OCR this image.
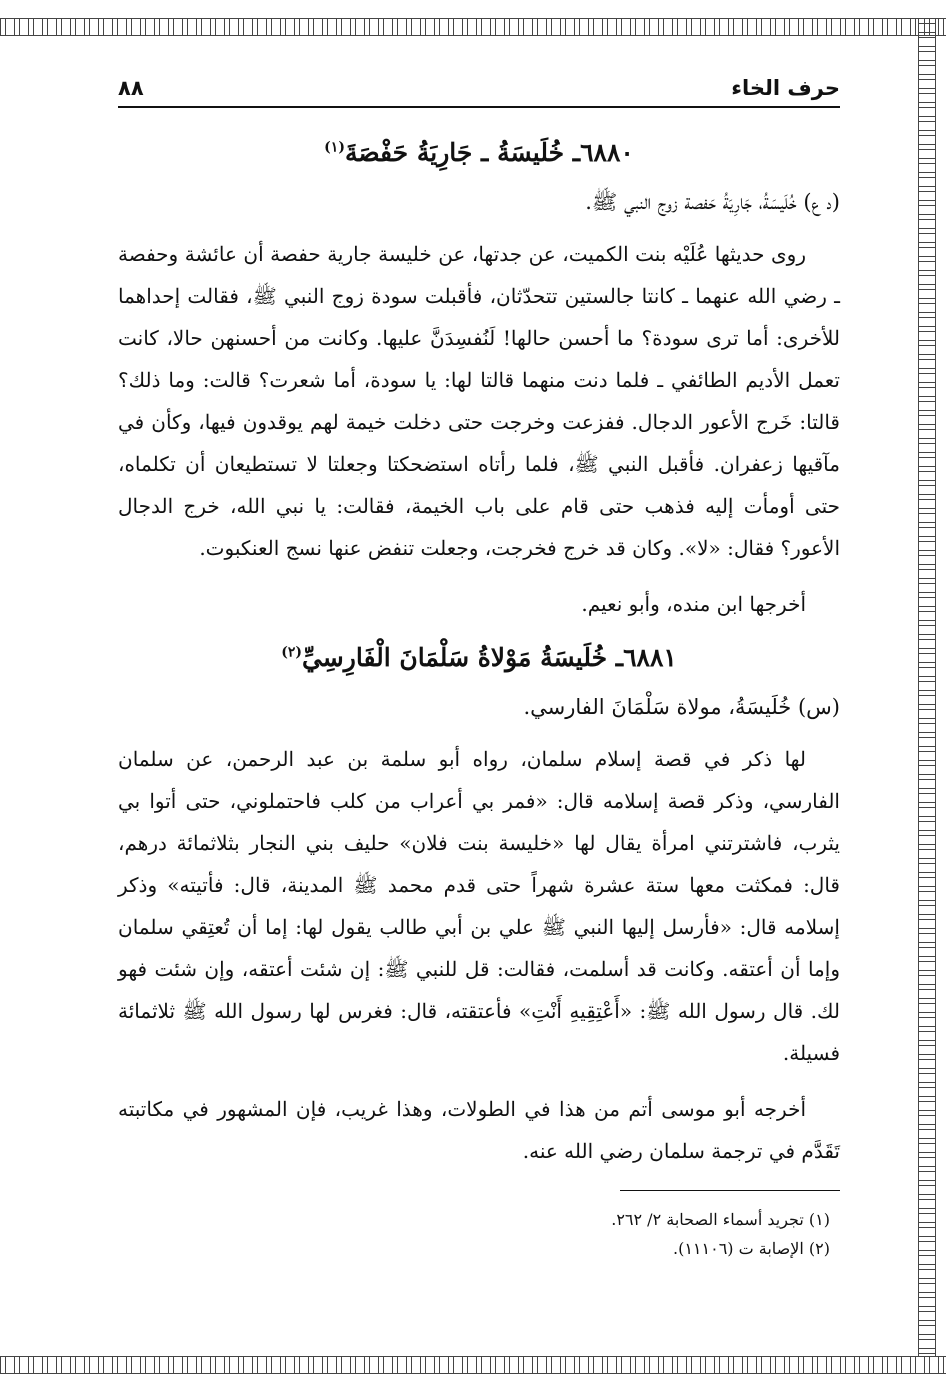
حرف الخاء
٨٨
٦٨٨٠ـ خُلَيسَةُ ـ جَارِيَةُ حَفْصَةَ$^{(١)}$

(د ع) خُلَيسَةُ، جَارِيَةُ حَفصة زوج النبي ﷺ.

روى حديثها عُلَيْه بنت الكميت، عن جدتها، عن خليسة جارية حفصة أن عائشة وحفصة ـ رضي الله عنهما ـ كانتا جالستين تتحدّثان، فأقبلت سودة زوج النبي ﷺ، فقالت إحداهما للأخرى: أما ترى سودة؟ ما أحسن حالها! لَنُفسِدَنَّ عليها. وكانت من أحسنهن حالا، كانت تعمل الأديم الطائفي ـ فلما دنت منهما قالتا لها: يا سودة، أما شعرت؟ قالت: وما ذلك؟ قالتا: خَرج الأعور الدجال. ففزعت وخرجت حتى دخلت خيمة لهم يوقدون فيها، وكأن في مآقيها زعفران. فأقبل النبي ﷺ، فلما رأتاه استضحكتا وجعلتا لا تستطيعان أن تكلماه، حتى أومأت إليه فذهب حتى قام على باب الخيمة، فقالت: يا نبي الله، خرج الدجال الأعور؟ فقال: «لا». وكان قد خرج فخرجت، وجعلت تنفض عنها نسج العنكبوت.

أخرجها ابن منده، وأبو نعيم.

٦٨٨١ـ خُلَيسَةُ مَوْلاةُ سَلْمَانَ الْفَارِسِيِّ$^{(٢)}$

(س) خُلَيسَةُ، مولاة سَلْمَانَ الفارسي.

لها ذكر في قصة إسلام سلمان، رواه أبو سلمة بن عبد الرحمن، عن سلمان الفارسي، وذكر قصة إسلامه قال: «فمر بي أعراب من كلب فاحتملوني، حتى أتوا بي يثرب، فاشترتني امرأة يقال لها «خليسة بنت فلان» حليف بني النجار بثلاثمائة درهم، قال: فمكثت معها ستة عشرة شهراً حتى قدم محمد ﷺ المدينة، قال: فأتيته» وذكر إسلامه قال: «فأرسل إليها النبي ﷺ علي بن أبي طالب يقول لها: إما أن تُعتِقي سلمان وإما أن أعتقه. وكانت قد أسلمت، فقالت: قل للنبي ﷺ: إن شئت أعتقه، وإن شئت فهو لك. قال رسول الله ﷺ: «أَعْتِقِيهِ أَنْتِ» فأعتقته، قال: فغرس لها رسول الله ﷺ ثلاثمائة فسيلة.

أخرجه أبو موسى أتم من هذا في الطولات، وهذا غريب، فإن المشهور في مكاتبته تَقَدَّم في ترجمة سلمان رضي الله عنه.

(١) تجريد أسماء الصحابة ٢/ ٢٦٢.
(٢) الإصابة ت (١١١٠٦).
